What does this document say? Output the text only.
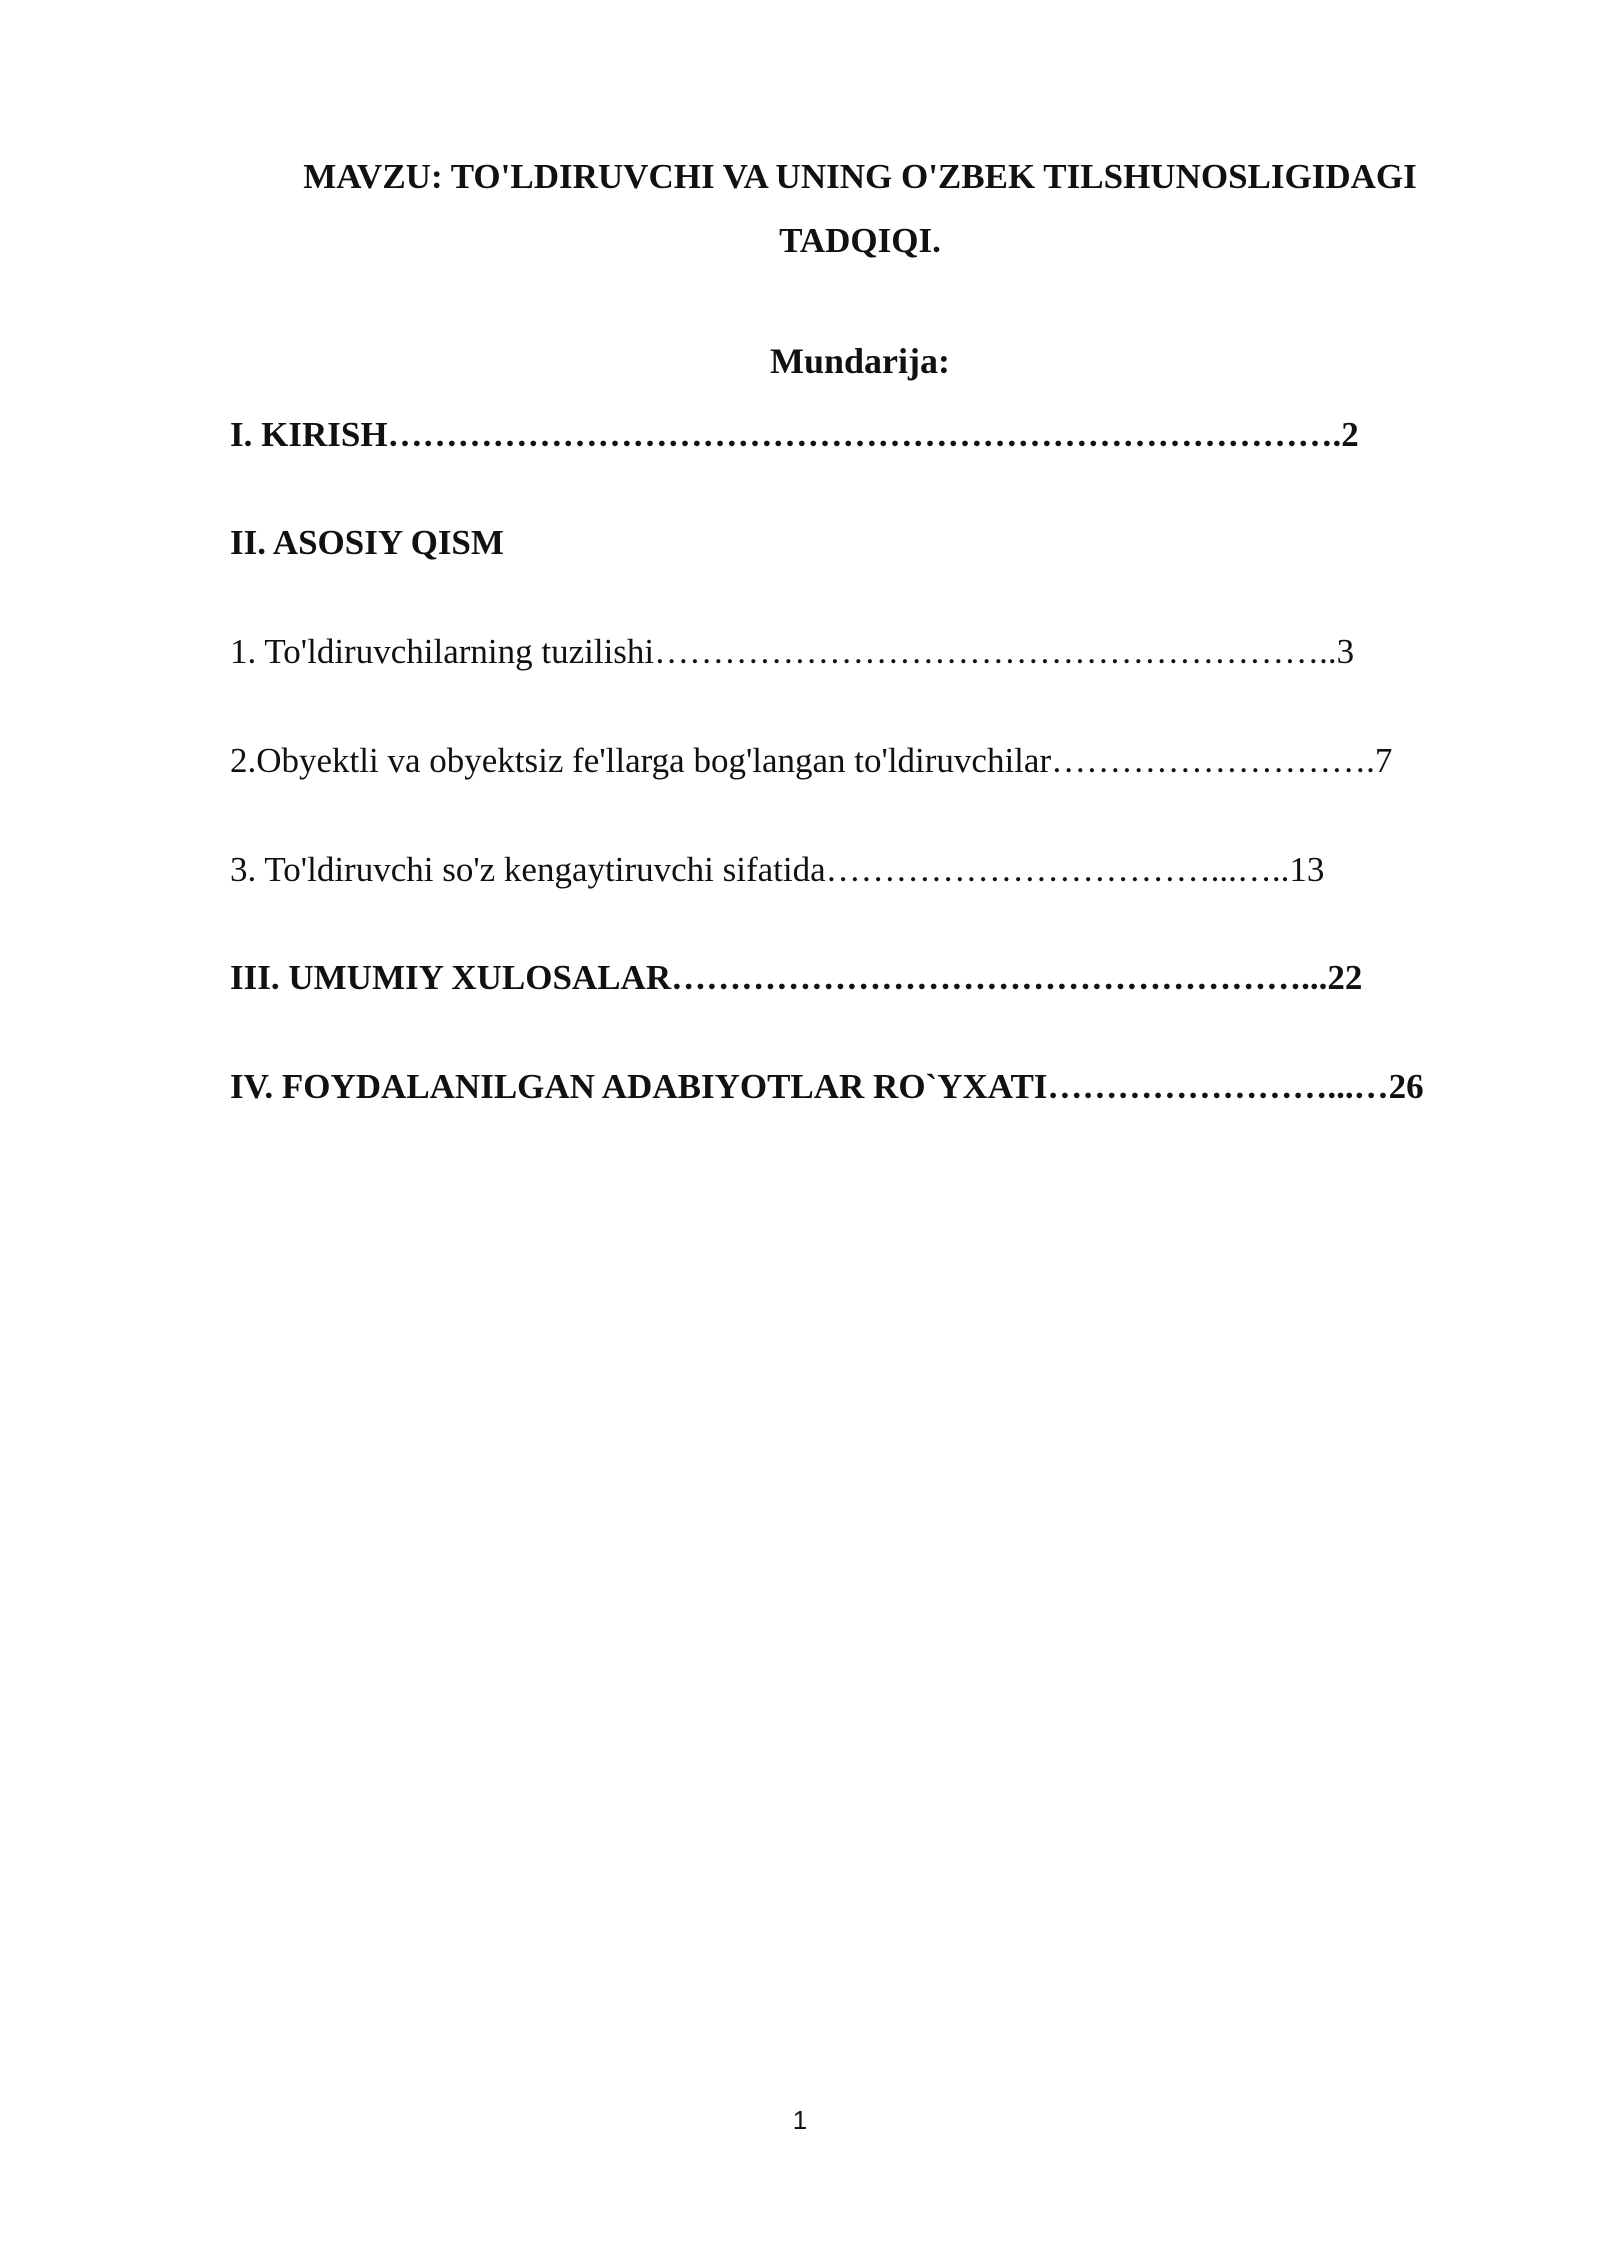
MAVZU: TO'LDIRUVCHI VA UNING O'ZBEK TILSHUNOSLIGIDAGI
TADQIQI.
Mundarija:
I. KIRISH……………………………………………………………………….2
II. ASOSIY QISM
1. To'ldiruvchilarning tuzilishi…………………………………………………..3
2.Obyektli va obyektsiz fe'llarga bog'langan to'ldiruvchilar……………………….7
3. To'ldiruvchi so'z kengaytiruvchi sifatida……………………………...…..13
III. UMUMIY XULOSALAR………………………………………………...22
IV. FOYDALANILGAN ADABIYOTLAR RO`YXATI……………………...…26
1
